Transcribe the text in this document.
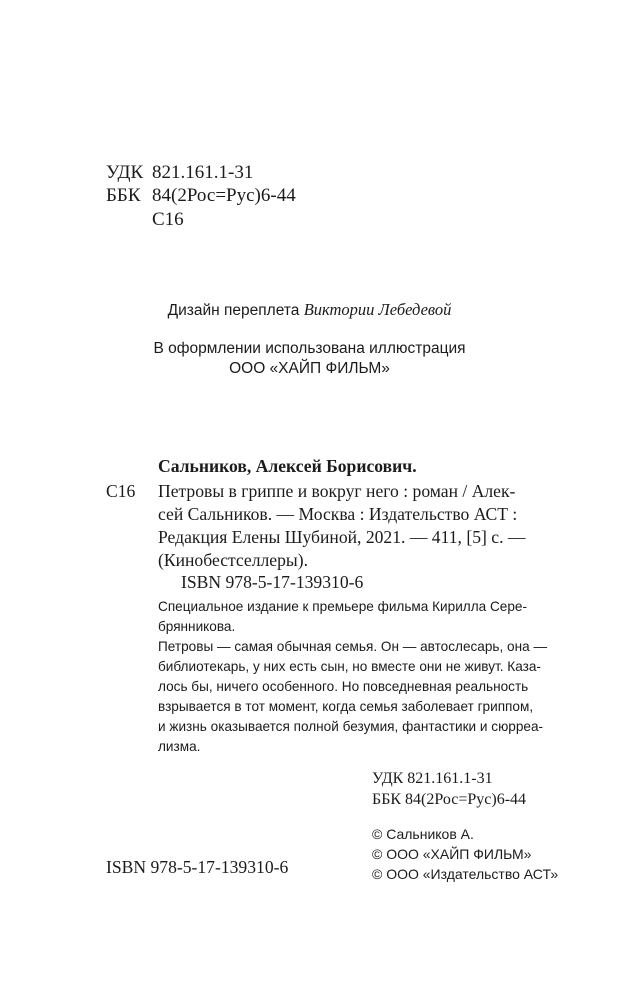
УДК 821.161.1-31
ББК 84(2Рос=Рус)6-44
С16
Дизайн переплета Виктории Лебедевой
В оформлении использована иллюстрация
ООО «ХАЙП ФИЛЬМ»
Сальников, Алексей Борисович.
С16 Петровы в гриппе и вокруг него : роман / Алек-
сей Сальников. — Москва : Издательство АСТ :
Редакция Елены Шубиной, 2021. — 411, [5] с. —
(Кинобестселлеры).
ISBN 978-5-17-139310-6
Специальное издание к премьере фильма Кирилла Сере-
брянникова.
Петровы — самая обычная семья. Он — автослесарь, она —
библиотекарь, у них есть сын, но вместе они не живут. Каза-
лось бы, ничего особенного. Но повседневная реальность
взрывается в тот момент, когда семья заболевает гриппом,
и жизнь оказывается полной безумия, фантастики и сюрреа-
лизма.
УДК 821.161.1-31
ББК 84(2Рос=Рус)6-44
© Сальников А.
© ООО «ХАЙП ФИЛЬМ»
© ООО «Издательство АСТ»
ISBN 978-5-17-139310-6
